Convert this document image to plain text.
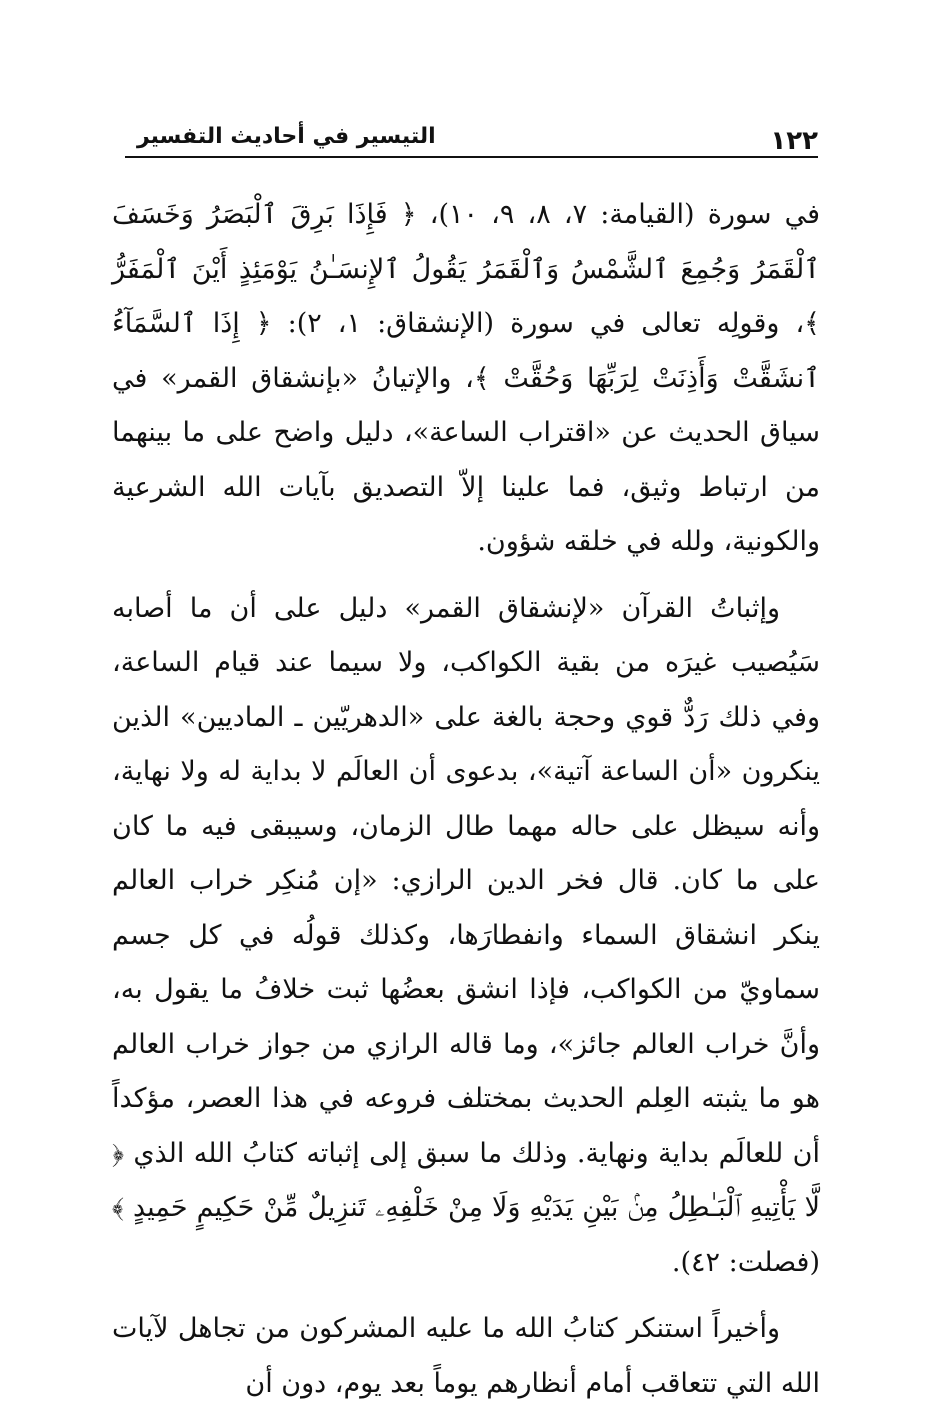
١٢٢
التيسير في أحاديث التفسير

في سورة (القيامة: ٧، ٨، ٩، ١٠)، ﴿ فَإِذَا بَرِقَ ٱلْبَصَرُ وَخَسَفَ ٱلْقَمَرُ وَجُمِعَ ٱلشَّمْسُ وَٱلْقَمَرُ يَقُولُ ٱلإِنسَـٰنُ يَوْمَئِذٍ أَيْنَ ٱلْمَفَرُّ ﴾، وقولِه تعالى في سورة (الإنشقاق: ١، ٢): ﴿ إِذَا ٱلسَّمَآءُ ٱنشَقَّتْ وَأَذِنَتْ لِرَبِّهَا وَحُقَّتْ ﴾، والإتيانُ «بإنشقاق القمر» في سياق الحديث عن «اقتراب الساعة»، دليل واضح على ما بينهما من ارتباط وثيق، فما علينا إلاّ التصديق بآيات الله الشرعية والكونية، ولله في خلقه شؤون.

وإثباتُ القرآن «لإنشقاق القمر» دليل على أن ما أصابه سَيُصيب غيرَه من بقية الكواكب، ولا سيما عند قيام الساعة، وفي ذلك رَدٌّ قوي وحجة بالغة على «الدهريّين ـ الماديين» الذين ينكرون «أن الساعة آتية»، بدعوى أن العالَم لا بداية له ولا نهاية، وأنه سيظل على حاله مهما طال الزمان، وسيبقى فيه ما كان على ما كان. قال فخر الدين الرازي: «إن مُنكِر خراب العالم ينكر انشقاق السماء وانفطارَها، وكذلك قولُه في كل جسم سماويّ من الكواكب، فإذا انشق بعضُها ثبت خلافُ ما يقول به، وأنَّ خراب العالم جائز»، وما قاله الرازي من جواز خراب العالم هو ما يثبته العِلم الحديث بمختلف فروعه في هذا العصر، مؤكداً أن للعالَم بداية ونهاية. وذلك ما سبق إلى إثباته كتابُ الله الذي ﴿ لَّا يَأْتِيهِ ٱلْبَـٰطِلُ مِنۢ بَيْنِ يَدَيْهِ وَلَا مِنْ خَلْفِهِۦ تَنزِيلٌ مِّنْ حَكِيمٍ حَمِيدٍ ﴾ (فصلت: ٤٢).

وأخيراً استنكر كتابُ الله ما عليه المشركون من تجاهل لآيات الله التي تتعاقب أمام أنظارهم يوماً بعد يوم، دون أن
